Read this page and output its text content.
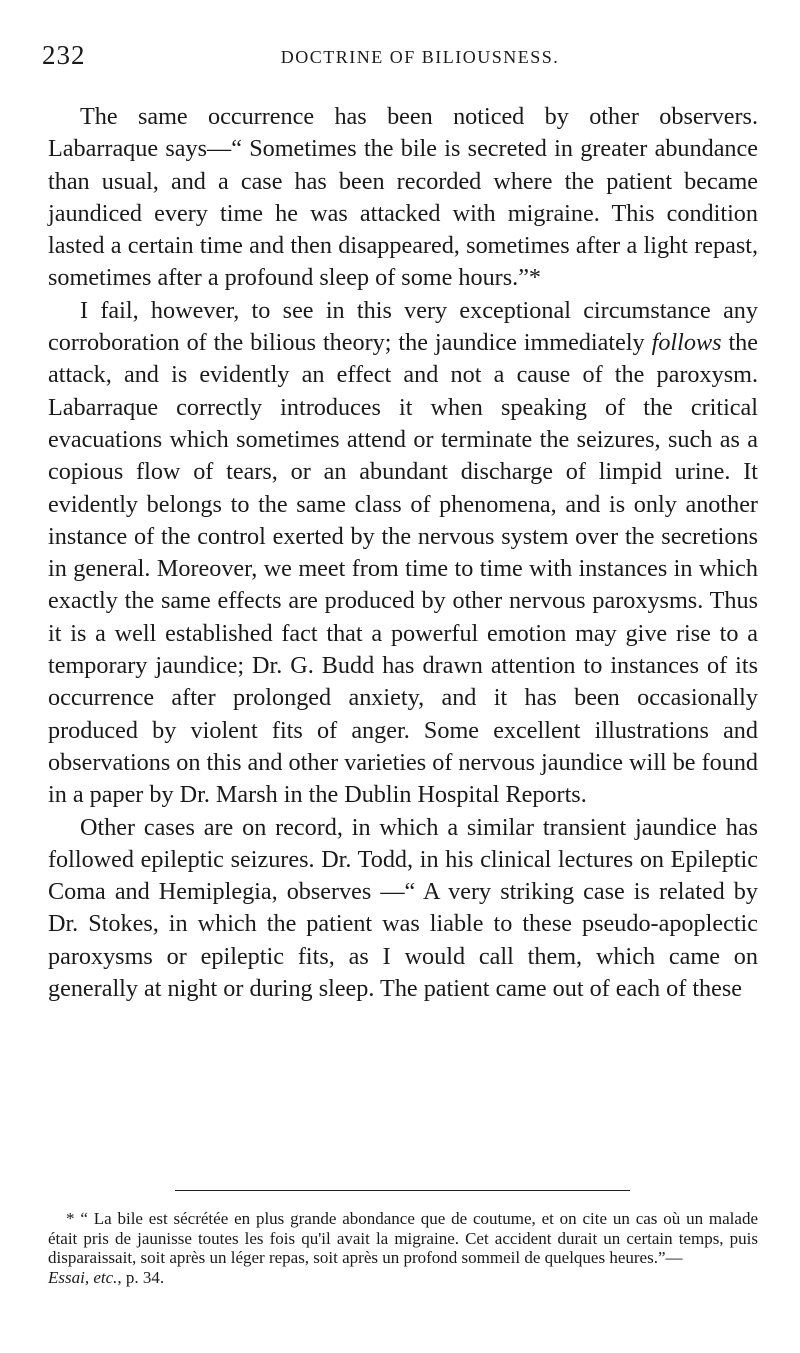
232	DOCTRINE OF BILIOUSNESS.

The same occurrence has been noticed by other observers. Labarraque says—“ Sometimes the bile is secreted in greater abundance than usual, and a case has been recorded where the patient became jaundiced every time he was attacked with migraine. This condition lasted a certain time and then disappeared, sometimes after a light repast, sometimes after a profound sleep of some hours.”*

I fail, however, to see in this very exceptional circumstance any corroboration of the bilious theory; the jaundice immediately follows the attack, and is evidently an effect and not a cause of the paroxysm. Labarraque correctly introduces it when speaking of the critical evacuations which sometimes attend or terminate the seizures, such as a copious flow of tears, or an abundant discharge of limpid urine. It evidently belongs to the same class of phenomena, and is only another instance of the control exerted by the nervous system over the secretions in general. Moreover, we meet from time to time with instances in which exactly the same effects are produced by other nervous paroxysms. Thus it is a well established fact that a powerful emotion may give rise to a temporary jaundice; Dr. G. Budd has drawn attention to instances of its occurrence after prolonged anxiety, and it has been occasionally produced by violent fits of anger. Some excellent illustrations and observations on this and other varieties of nervous jaundice will be found in a paper by Dr. Marsh in the Dublin Hospital Reports.

Other cases are on record, in which a similar transient jaundice has followed epileptic seizures. Dr. Todd, in his clinical lectures on Epileptic Coma and Hemiplegia, observes —“ A very striking case is related by Dr. Stokes, in which the patient was liable to these pseudo-apoplectic paroxysms or epileptic fits, as I would call them, which came on generally at night or during sleep. The patient came out of each of these

* “ La bile est sécrétée en plus grande abondance que de coutume, et on cite un cas où un malade était pris de jaunisse toutes les fois qu'il avait la migraine. Cet accident durait un certain temps, puis disparaissait, soit après un léger repas, soit après un profond sommeil de quelques heures.”—
Essai, etc., p. 34.
